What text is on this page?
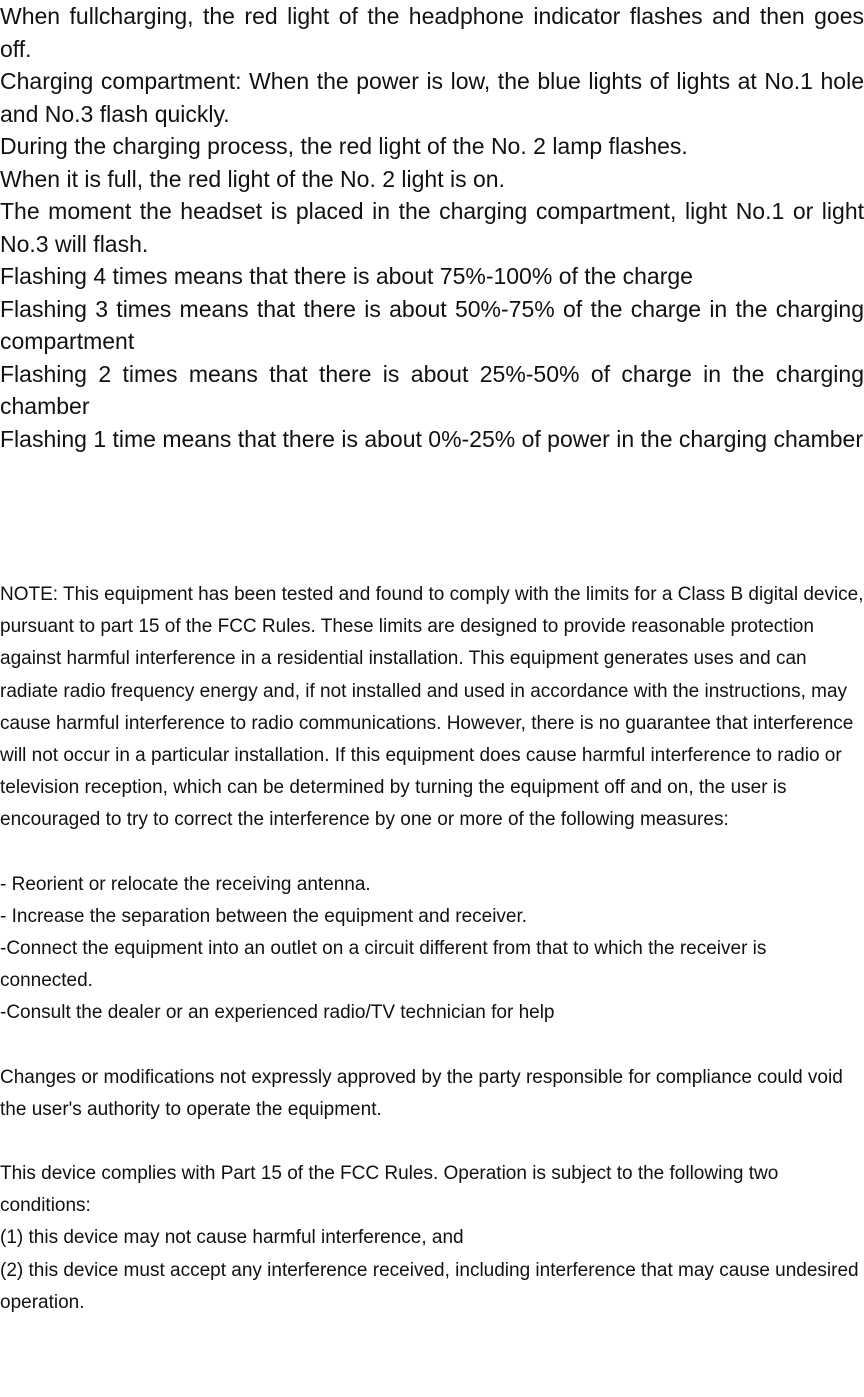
When fullcharging, the red light of the headphone indicator flashes and then goes off.

Charging compartment: When the power is low, the blue lights of lights at No.1 hole and No.3 flash quickly.

During the charging process, the red light of the No. 2 lamp flashes.

When it is full, the red light of the No. 2 light is on.

The moment the headset is placed in the charging compartment, light No.1 or light No.3 will flash.

Flashing 4 times means that there is about 75%-100% of the charge

Flashing 3 times means that there is about 50%-75% of the charge in the charging compartment

Flashing 2 times means that there is about 25%-50% of charge in the charging chamber

Flashing 1 time means that there is about 0%-25% of power in the charging chamber

NOTE: This equipment has been tested and found to comply with the limits for a Class B digital device, pursuant to part 15 of the FCC Rules. These limits are designed to provide reasonable protection against harmful interference in a residential installation. This equipment generates uses and can radiate radio frequency energy and, if not installed and used in accordance with the instructions, may cause harmful interference to radio communications. However, there is no guarantee that interference will not occur in a particular installation. If this equipment does cause harmful interference to radio or television reception, which can be determined by turning the equipment off and on, the user is encouraged to try to correct the interference by one or more of the following measures:

- Reorient or relocate the receiving antenna.

- Increase the separation between the equipment and receiver.

-Connect the equipment into an outlet on a circuit different from that to which the receiver is connected.

-Consult the dealer or an experienced radio/TV technician for help

Changes or modifications not expressly approved by the party responsible for compliance could void the user's authority to operate the equipment.

This device complies with Part 15 of the FCC Rules. Operation is subject to the following two conditions:

(1) this device may not cause harmful interference, and

(2) this device must accept any interference received, including interference that may cause undesired operation.
